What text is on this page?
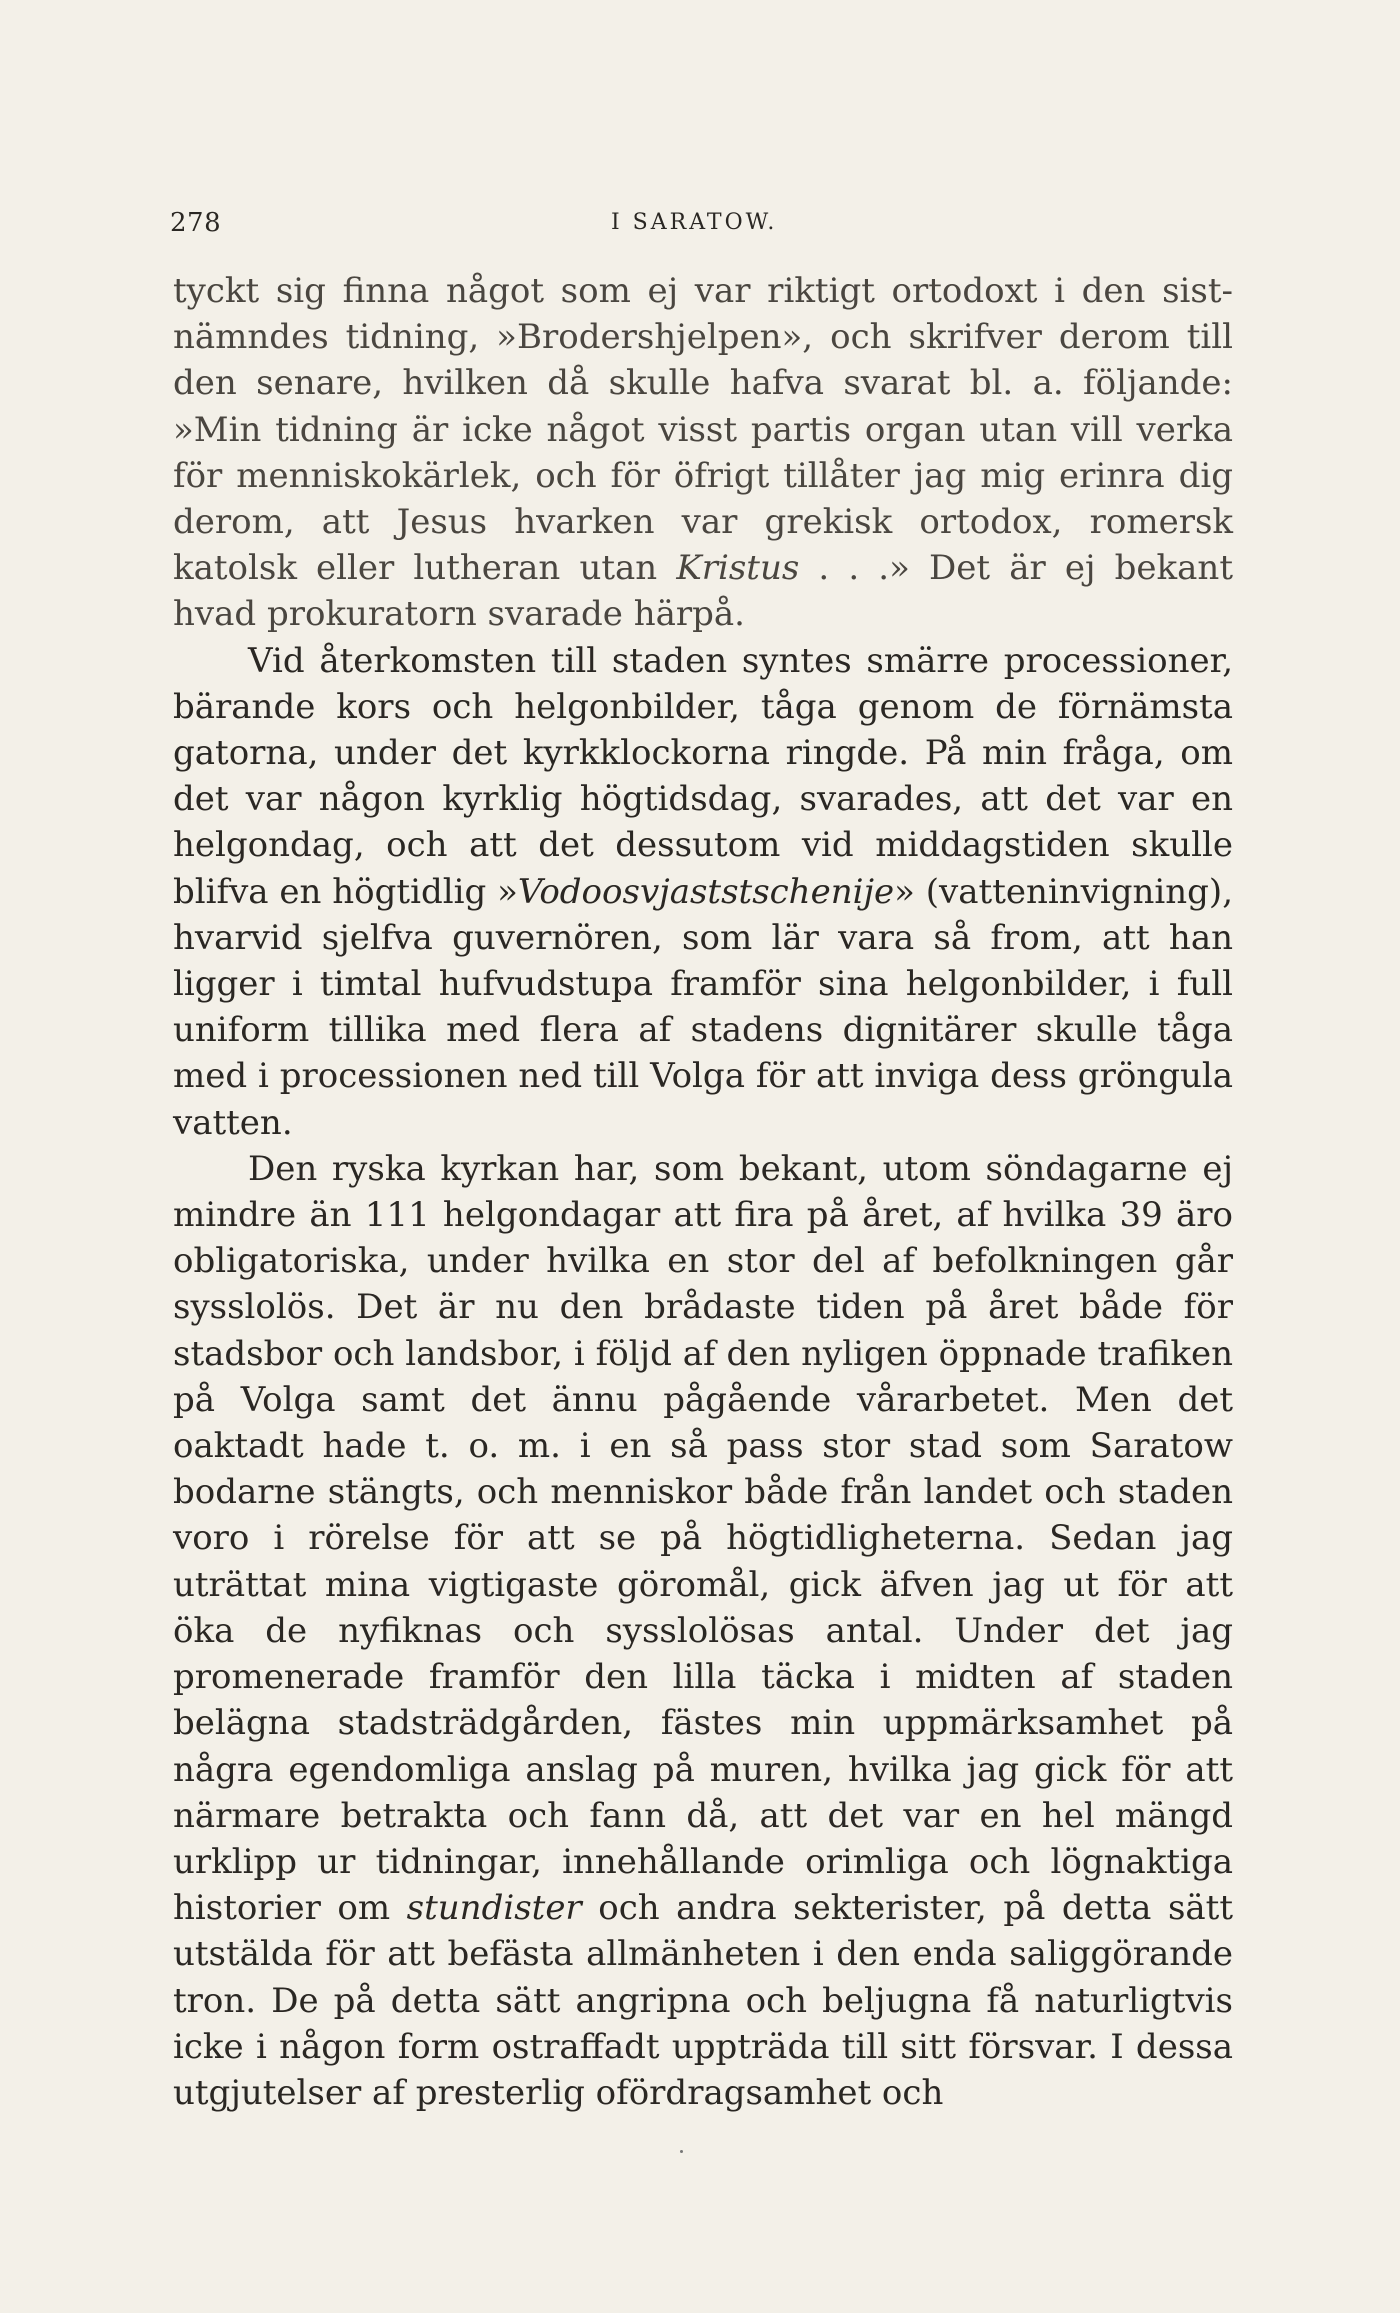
278	I SARATOW.

tyckt sig finna något som ej var riktigt ortodoxt i den sist-nämndes tidning, »Brodershjelpen», och skrifver derom till den senare, hvilken då skulle hafva svarat bl. a. följande: »Min tidning är icke något visst partis organ utan vill verka för menniskokärlek, och för öfrigt tillåter jag mig erinra dig derom, att Jesus hvarken var grekisk ortodox, romersk katolsk eller lutheran utan Kristus . . .» Det är ej bekant hvad prokuratorn svarade härpå.

Vid återkomsten till staden syntes smärre processioner, bärande kors och helgonbilder, tåga genom de förnämsta gatorna, under det kyrkklockorna ringde. På min fråga, om det var någon kyrklig högtidsdag, svarades, att det var en helgondag, och att det dessutom vid middagstiden skulle blifva en högtidlig »Vodoosvjaststschenije» (vatteninvigning), hvarvid sjelfva guvernören, som lär vara så from, att han ligger i timtal hufvudstupa framför sina helgonbilder, i full uniform tillika med flera af stadens dignitärer skulle tåga med i processionen ned till Volga för att inviga dess gröngula vatten.

Den ryska kyrkan har, som bekant, utom söndagarne ej mindre än 111 helgondagar att fira på året, af hvilka 39 äro obligatoriska, under hvilka en stor del af befolkningen går sysslolös. Det är nu den brådaste tiden på året både för stadsbor och landsbor, i följd af den nyligen öppnade trafiken på Volga samt det ännu pågående vårarbetet. Men det oaktadt hade t. o. m. i en så pass stor stad som Saratow bodarne stängts, och menniskor både från landet och staden voro i rörelse för att se på högtidligheterna. Sedan jag uträttat mina vigtigaste göromål, gick äfven jag ut för att öka de nyfiknas och sysslolösas antal. Under det jag promenerade framför den lilla täcka i midten af staden belägna stadsträdgården, fästes min uppmärksamhet på några egendomliga anslag på muren, hvilka jag gick för att närmare betrakta och fann då, att det var en hel mängd urklipp ur tidningar, innehållande orimliga och lögnaktiga historier om stundister och andra sekterister, på detta sätt utstälda för att befästa allmänheten i den enda saliggörande tron. De på detta sätt angripna och beljugna få naturligtvis icke i någon form ostraffadt uppträda till sitt försvar. I dessa utgjutelser af presterlig ofördragsamhet och
